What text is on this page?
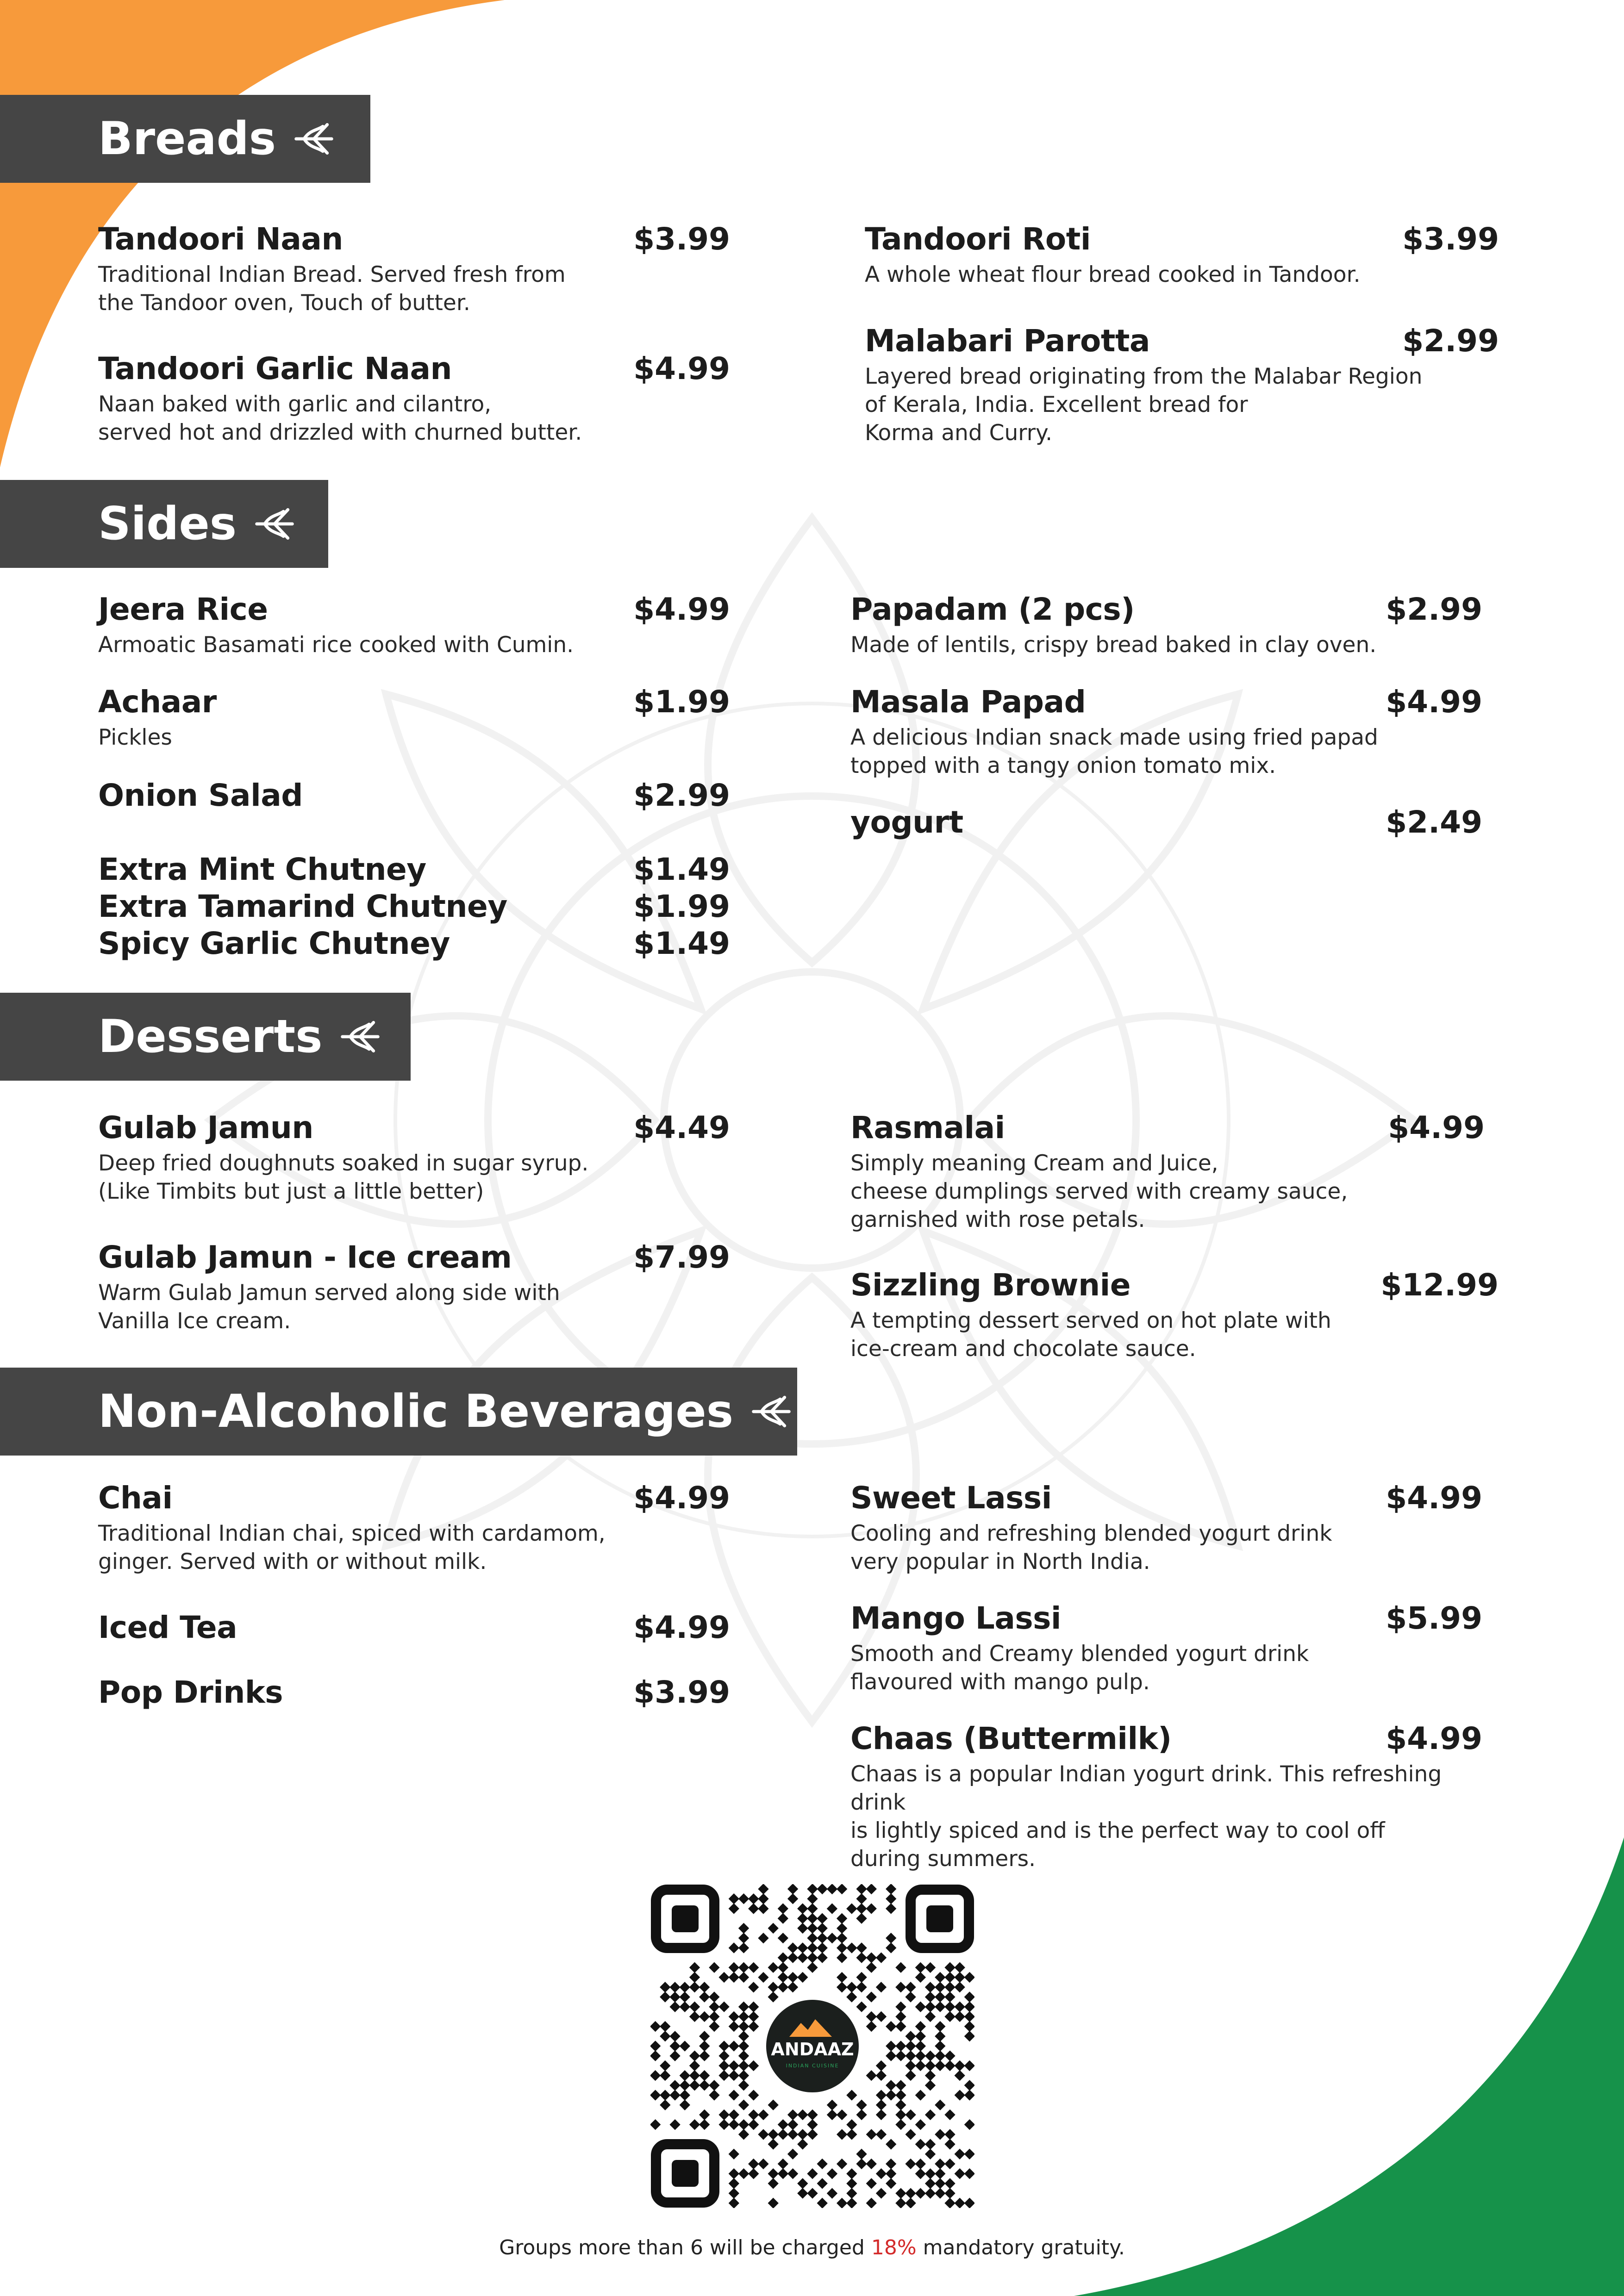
Breads
Sides
Desserts
Non-Alcoholic Beverages
Tandoori Naan	$3.99
Traditional Indian Bread. Served fresh from
the Tandoor oven, Touch of butter.
Tandoori Garlic Naan	$4.99
Naan baked with garlic and cilantro,
served hot and drizzled with churned butter.
Tandoori Roti	$3.99
A whole wheat flour bread cooked in Tandoor.
Malabari Parotta	$2.99
Layered bread originating from the Malabar Region
of Kerala, India. Excellent bread for
Korma and Curry.
Jeera Rice	$4.99
Armoatic Basamati rice cooked with Cumin.
Achaar	$1.99
Pickles
Onion Salad	$2.99
Extra Mint Chutney	$1.49
Extra Tamarind Chutney	$1.99
Spicy Garlic Chutney	$1.49
Papadam (2 pcs)	$2.99
Made of lentils, crispy bread baked in clay oven.
Masala Papad	$4.99
A delicious Indian snack made using fried papad
topped with a tangy onion tomato mix.
yogurt	$2.49
Gulab Jamun	$4.49
Deep fried doughnuts soaked in sugar syrup.
(Like Timbits but just a little better)
Gulab Jamun - Ice cream	$7.99
Warm Gulab Jamun served along side with
Vanilla Ice cream.
Rasmalai	$4.99
Simply meaning Cream and Juice,
cheese dumplings served with creamy sauce,
garnished with rose petals.
Sizzling Brownie	$12.99
A tempting dessert served on hot plate with
ice-cream and chocolate sauce.
Chai	$4.99
Traditional Indian chai, spiced with cardamom,
ginger. Served with or without milk.
Iced Tea	$4.99
Pop Drinks	$3.99
Sweet Lassi	$4.99
Cooling and refreshing blended yogurt drink
very popular in North India.
Mango Lassi	$5.99
Smooth and Creamy blended yogurt drink
flavoured with mango pulp.
Chaas (Buttermilk)	$4.99
Chaas is a popular Indian yogurt drink. This refreshing drink
is lightly spiced and is the perfect way to cool off
during summers.
ANDAAZ
INDIAN CUISINE
Groups more than 6 will be charged 18% mandatory gratuity.
